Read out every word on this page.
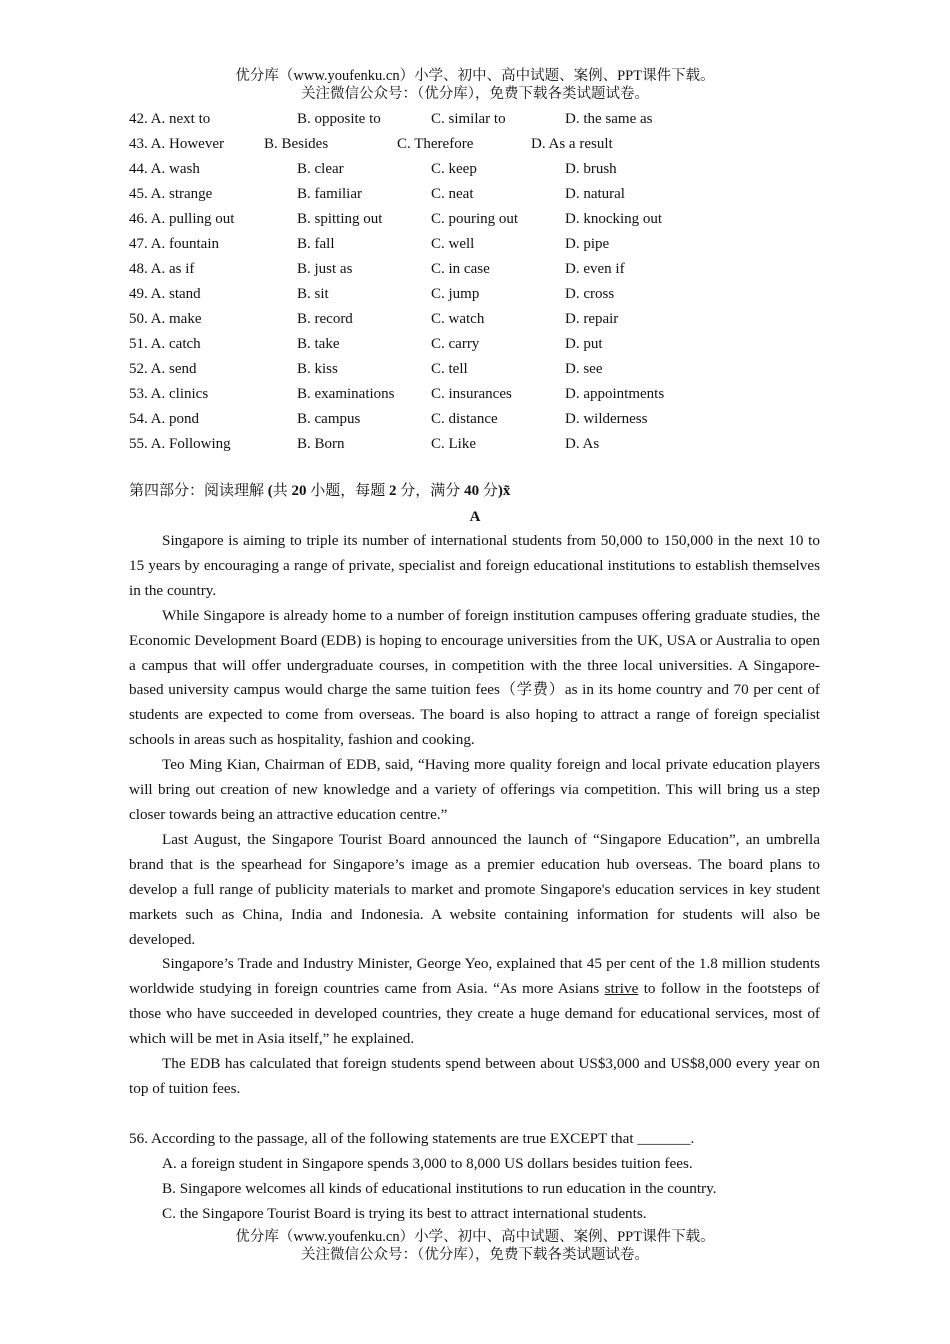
优分库（www.youfenku.cn）小学、初中、高中试题、案例、PPT课件下载。
关注微信公众号：（优分库），免费下载各类试题试卷。
42. A. next to	B. opposite to	C. similar to	D. the same as
43. A. However	B. Besides	C. Therefore	D. As a result
44. A. wash	B. clear	C. keep	D. brush
45. A. strange	B. familiar	C. neat	D. natural
46. A. pulling out	B. spitting out	C. pouring out	D. knocking out
47. A. fountain	B. fall	C. well	D. pipe
48. A. as if	B. just as	C. in case	D. even if
49. A. stand	B. sit	C. jump	D. cross
50. A. make	B. record	C. watch	D. repair
51. A. catch	B. take	C. carry	D. put
52. A. send	B. kiss	C. tell	D. see
53. A. clinics	B. examinations C. insurances	D. appointments
54. A. pond	B. campus	C. distance	D. wilderness
55. A. Following	B. Born	C. Like	D. As
第四部分：阅读理解 (共 20 小题，每题 2 分，满分 40 分)x̃
A

Singapore is aiming to triple its number of international students from 50,000 to 150,000 in the next 10 to 15 years by encouraging a range of private, specialist and foreign educational institutions to establish themselves in the country.

While Singapore is already home to a number of foreign institution campuses offering graduate studies, the Economic Development Board (EDB) is hoping to encourage universities from the UK, USA or Australia to open a campus that will offer undergraduate courses, in competition with the three local universities. A Singapore-based university campus would charge the same tuition fees（学费）as in its home country and 70 per cent of students are expected to come from overseas. The board is also hoping to attract a range of foreign specialist schools in areas such as hospitality, fashion and cooking.

Teo Ming Kian, Chairman of EDB, said, “Having more quality foreign and local private education players will bring out creation of new knowledge and a variety of offerings via competition. This will bring us a step closer towards being an attractive education centre.”

Last August, the Singapore Tourist Board announced the launch of “Singapore Education”, an umbrella brand that is the spearhead for Singapore’s image as a premier education hub overseas. The board plans to develop a full range of publicity materials to market and promote Singapore's education services in key student markets such as China, India and Indonesia. A website containing information for students will also be developed.

Singapore’s Trade and Industry Minister, George Yeo, explained that 45 per cent of the 1.8 million students worldwide studying in foreign countries came from Asia. “As more Asians strive to follow in the footsteps of those who have succeeded in developed countries, they create a huge demand for educational services, most of which will be met in Asia itself,” he explained.

The EDB has calculated that foreign students spend between about US$3,000 and US$8,000 every year on top of tuition fees.

56. According to the passage, all of the following statements are true EXCEPT that _______.
A. a foreign student in Singapore spends 3,000 to 8,000 US dollars besides tuition fees.
B. Singapore welcomes all kinds of educational institutions to run education in the country.
C. the Singapore Tourist Board is trying its best to attract international students.
优分库（www.youfenku.cn）小学、初中、高中试题、案例、PPT课件下载。
关注微信公众号：（优分库），免费下载各类试题试卷。
